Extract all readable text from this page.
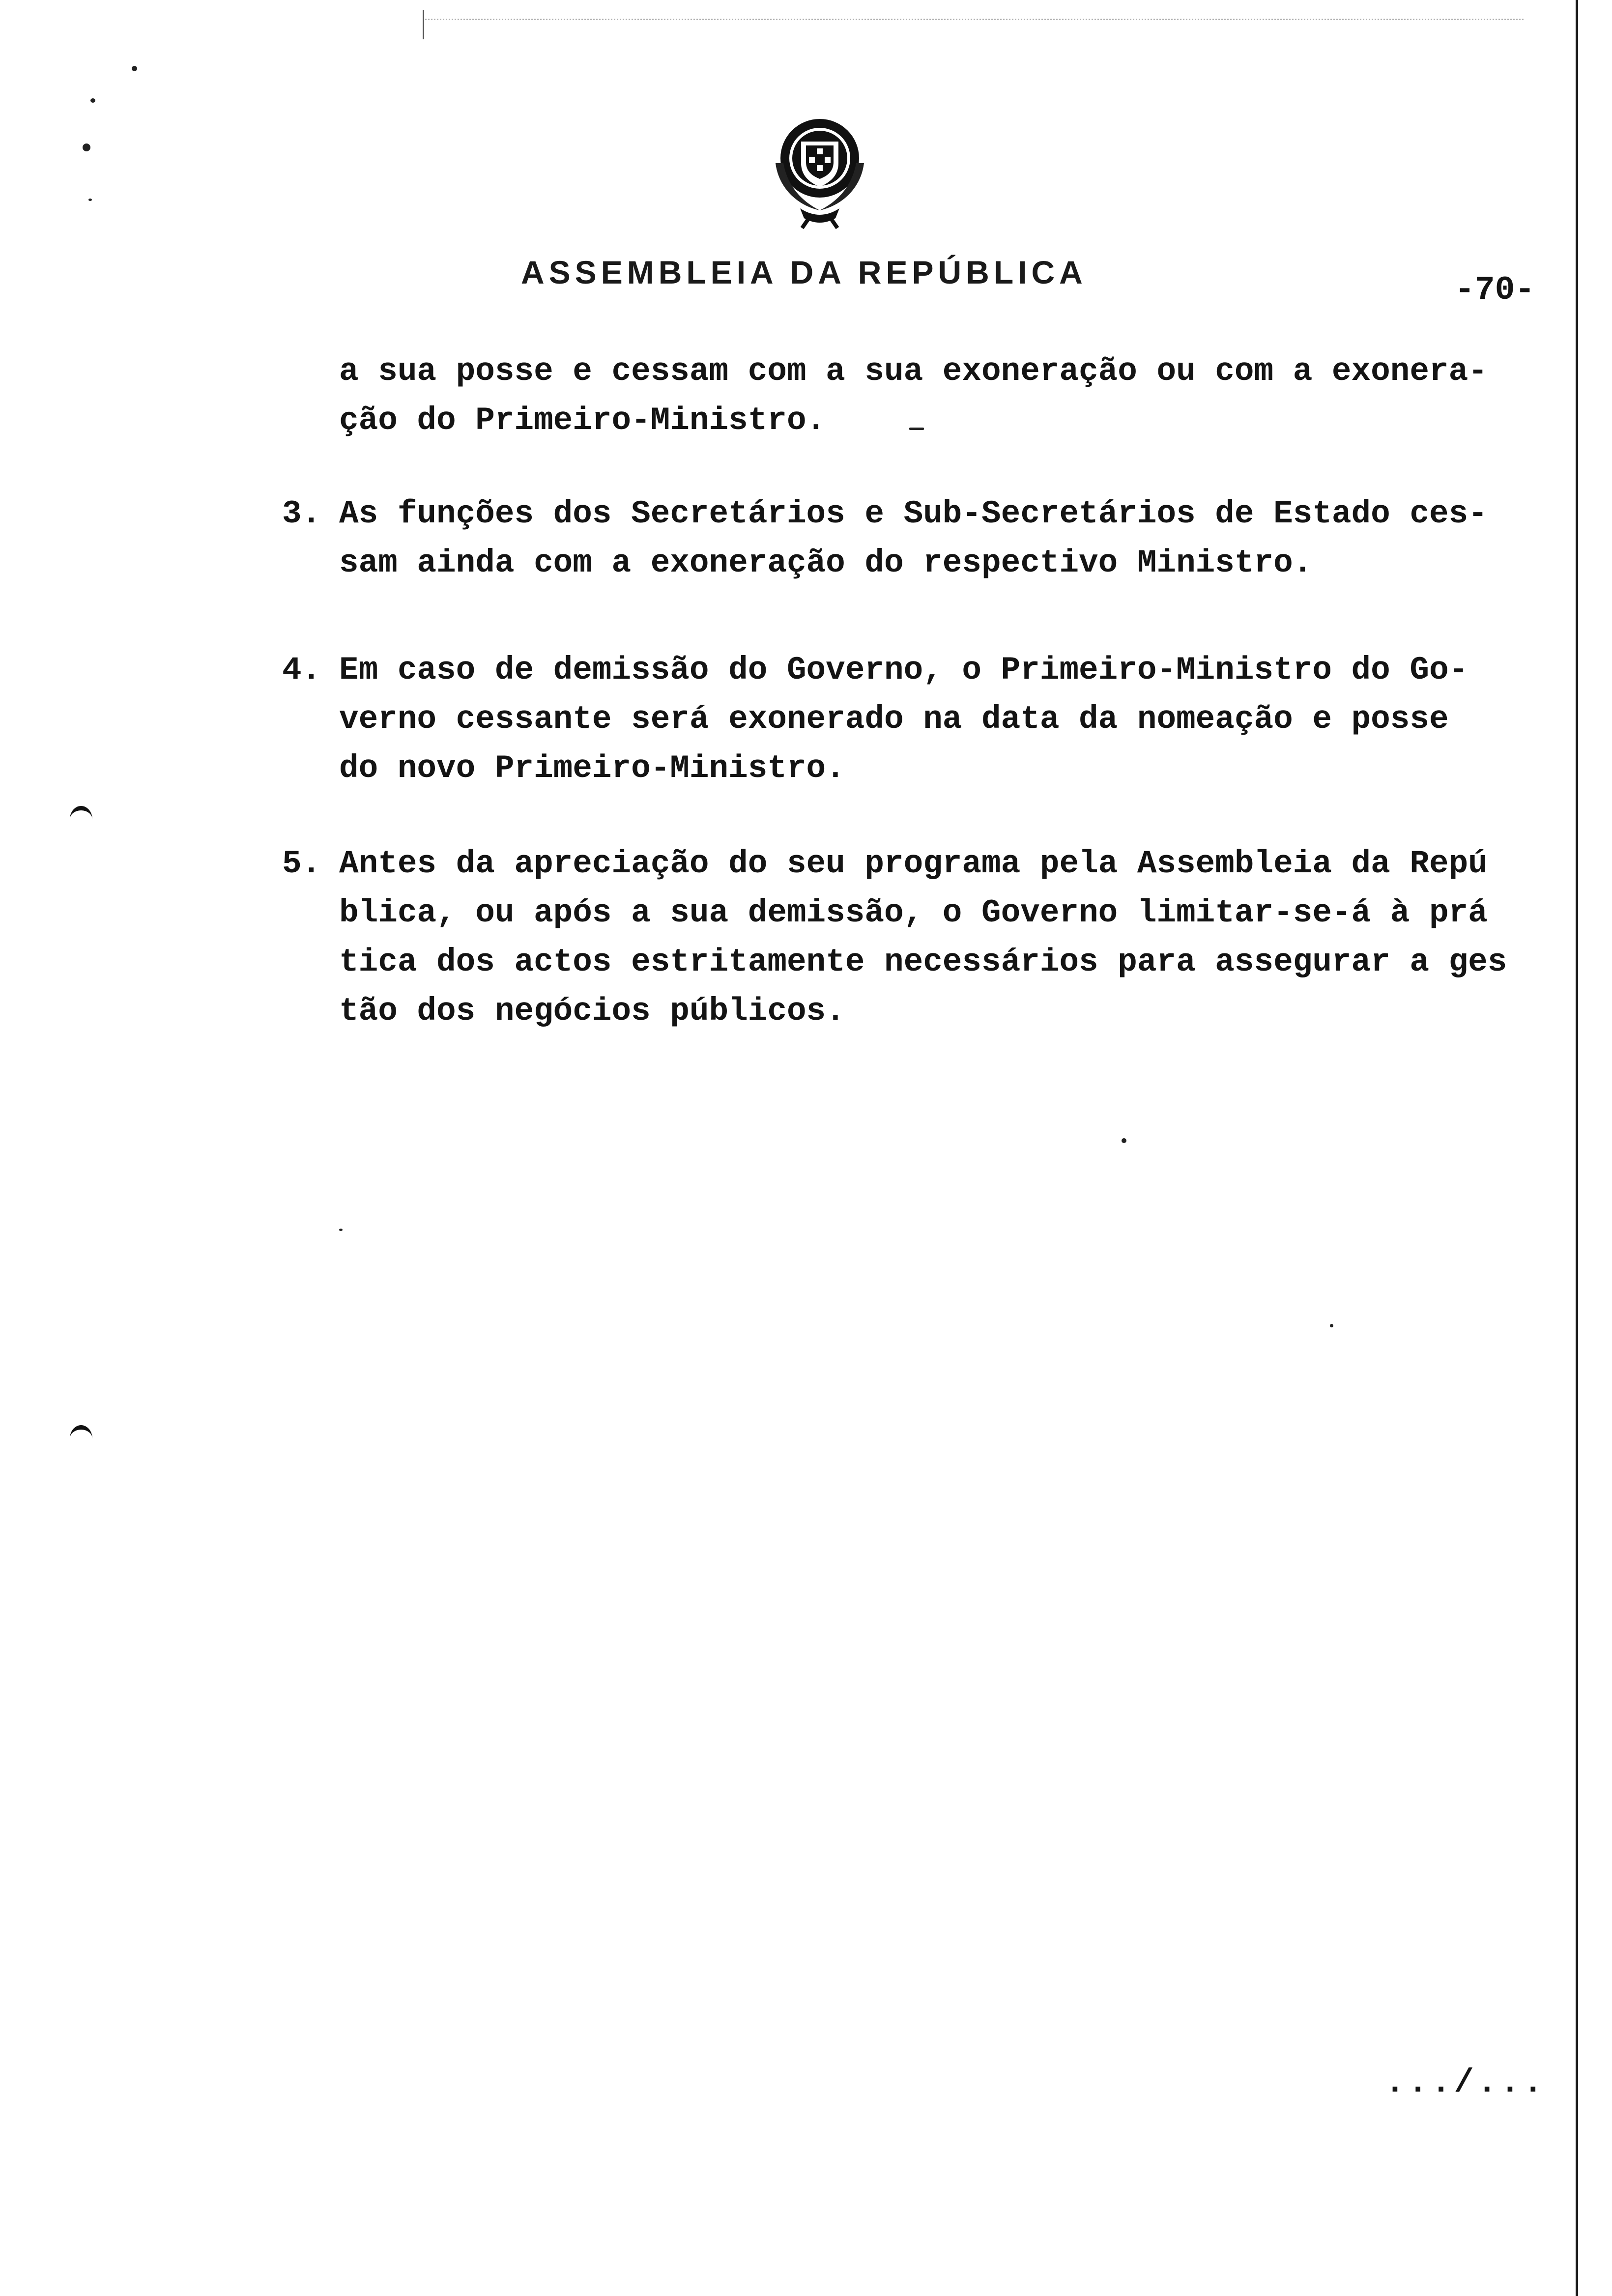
ASSEMBLEIA DA REPÚBLICA	-70-
a sua posse e cessam com a sua exoneração ou com a exonera-
ção do Primeiro-Ministro.
3. As funções dos Secretários e Sub-Secretários de Estado ces-
sam ainda com a exoneração do respectivo Ministro.
4. Em caso de demissão do Governo, o Primeiro-Ministro do Go-
verno cessante será exonerado na data da nomeação e posse
do novo Primeiro-Ministro.
5. Antes da apreciação do seu programa pela Assembleia da Repú
blica, ou após a sua demissão, o Governo limitar-se-á à prá
tica dos actos estritamente necessários para assegurar a ges
tão dos negócios públicos.
.../...
